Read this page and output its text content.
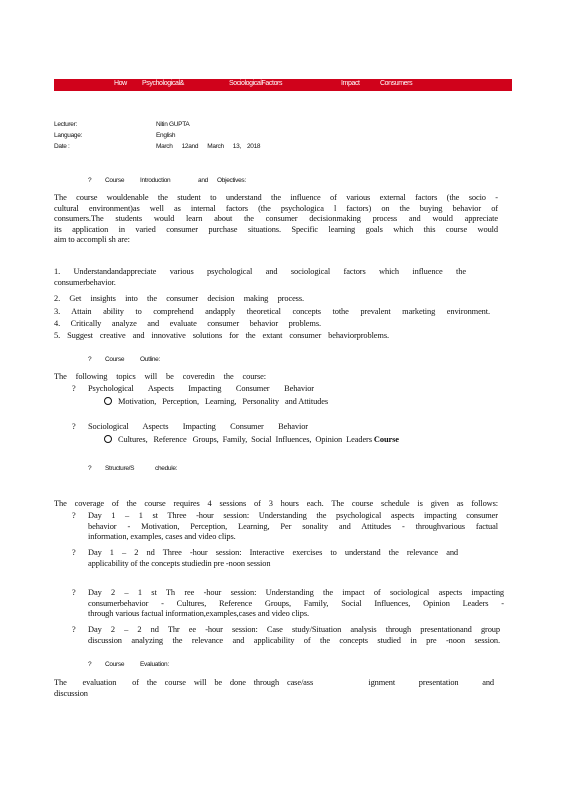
How Psychological&	SociologicalFactors	Impact	Consumers
Lecturer:	Nitin GUPTA
Language:	English
Date :	March      12and      March      13,    2018
? Course Introduction	and Objectives:
The course wouldenable the student to understand the influence of various external factors (the socio -
cultural environment)as well as internal factors (the psychologica l factors) on the buying behavior of
consumers.The students would learn about the consumer decisionmaking process and would appreciate
its application in varied consumer purchase situations. Specific learning goals which this course would
aim to accompli sh are:
1. Understandandappreciate various psychological and sociological factors which influence the
consumerbehavior.
2. Get insights into the consumer decision making process.
3. Attain ability to comprehend andapply theoretical concepts tothe prevalent marketing environment.
4. Critically analyze and evaluate consumer behavior problems.
5. Suggest creative and innovative solutions for the extant consumer behaviorproblems.
? Course Outline:
The following topics will be coveredin the course:
? Psychological Aspects Impacting Consumer Behavior
Motivation,   Perception,   Learning,   Personality   and Attitudes
? Sociological Aspects Impacting Consumer Behavior
Cultures,   Reference   Groups,  Family,  Social  Influences,  Opinion  Leaders Course
? Structure/S	chedule:
The coverage of the course requires 4 sessions of 3 hours each. The course schedule is given as follows:
? Day 1 – 1 st Three -hour session: Understanding the psychological aspects impacting consumer
behavior - Motivation, Perception, Learning, Per sonality and Attitudes - throughvarious factual
information, examples, cases and video clips.
? Day 1 – 2 nd Three -hour session: Interactive exercises to understand the relevance and
applicability of the concepts studiedin pre -noon session
? Day 2 – 1 st Th ree -hour session: Understanding the impact of sociological aspects impacting
consumerbehavior - Cultures, Reference Groups, Family, Social Influences, Opinion Leaders -
through various factual information,examples,cases and video clips.
? Day 2 – 2 nd Thr ee -hour session: Case study/Situation analysis through presentationand group
discussion analyzing the relevance and applicability of the concepts studied in pre -noon session.
? Course Evaluation:
The  evaluation  of the course will be done through case/ass       ignment   presentation   and
discussion
